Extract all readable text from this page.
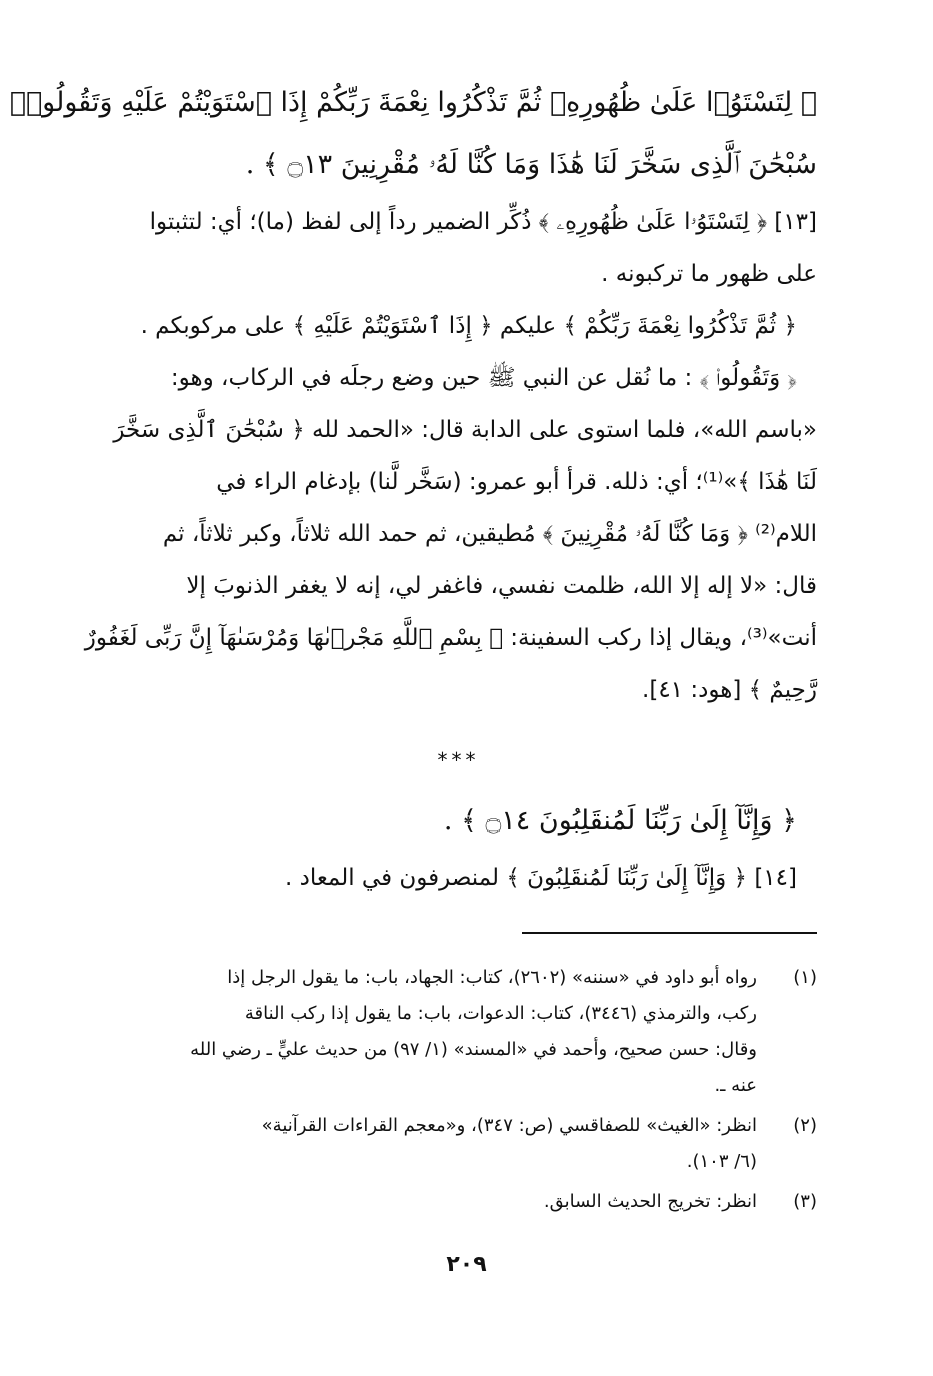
﴿ لِتَسْتَوُۥا عَلَىٰ ظُهُورِهِۦ ثُمَّ تَذْكُرُوا نِعْمَةَ رَبِّكُمْ إِذَا ٱسْتَوَيْتُمْ عَلَيْهِ وَتَقُولُوا۟
سُبْحَٰنَ ٱلَّذِى سَخَّرَ لَنَا هَٰذَا وَمَا كُنَّا لَهُۥ مُقْرِنِينَ ۝١٣ ﴾ .
[١٣] ﴿ لِتَسْتَوُۥا عَلَىٰ ظُهُورِهِۦ ﴾ ذُكِّر الضمير رداً إلى لفظ (ما)؛ أي: لتثبتوا
على ظهور ما تركبونه .
﴿ ثُمَّ تَذْكُرُوا نِعْمَةَ رَبِّكُمْ ﴾ عليكم ﴿ إِذَا ٱسْتَوَيْتُمْ عَلَيْهِ ﴾ على مركوبكم .
﴿ وَتَقُولُوا۟ ﴾ : ما نُقل عن النبي ﷺ حين وضع رجلَه في الركاب، وهو:
«باسم الله»، فلما استوى على الدابة قال: «الحمد لله ﴿ سُبْحَٰنَ ٱلَّذِى سَخَّرَ
لَنَا هَٰذَا ﴾»⁽¹⁾؛ أي: ذلله. قرأ أبو عمرو: (سَخَّر لَّنا) بإدغام الراء في
اللام⁽²⁾ ﴿ وَمَا كُنَّا لَهُۥ مُقْرِنِينَ ﴾ مُطيقين، ثم حمد الله ثلاثاً، وكبر ثلاثاً، ثم
قال: «لا إله إلا الله، ظلمت نفسي، فاغفر لي، إنه لا يغفر الذنوبَ إلا
أنت»⁽³⁾، ويقال إذا ركب السفينة: ﴿ بِسْمِ ٱللَّهِ مَجْرٜىٰهَا وَمُرْسَىٰهَآ إِنَّ رَبِّى لَغَفُورٌ
رَّحِيمٌ ﴾ [هود: ٤١].
***
﴿ وَإِنَّآ إِلَىٰ رَبِّنَا لَمُنقَلِبُونَ ۝١٤ ﴾ .
[١٤] ﴿ وَإِنَّآ إِلَىٰ رَبِّنَا لَمُنقَلِبُونَ ﴾ لمنصرفون في المعاد .
(١)
رواه أبو داود في «سننه» (٢٦٠٢)، كتاب: الجهاد، باب: ما يقول الرجل إذا
ركب، والترمذي (٣٤٤٦)، كتاب: الدعوات، باب: ما يقول إذا ركب الناقة
وقال: حسن صحيح، وأحمد في «المسند» (١/ ٩٧) من حديث عليٍّ ـ رضي الله
عنه ـ.
(٢)
انظر: «الغيث» للصفاقسي (ص: ٣٤٧)، و«معجم القراءات القرآنية»
(٦/ ١٠٣).
(٣)
انظر: تخريج الحديث السابق.
٢٠٩
